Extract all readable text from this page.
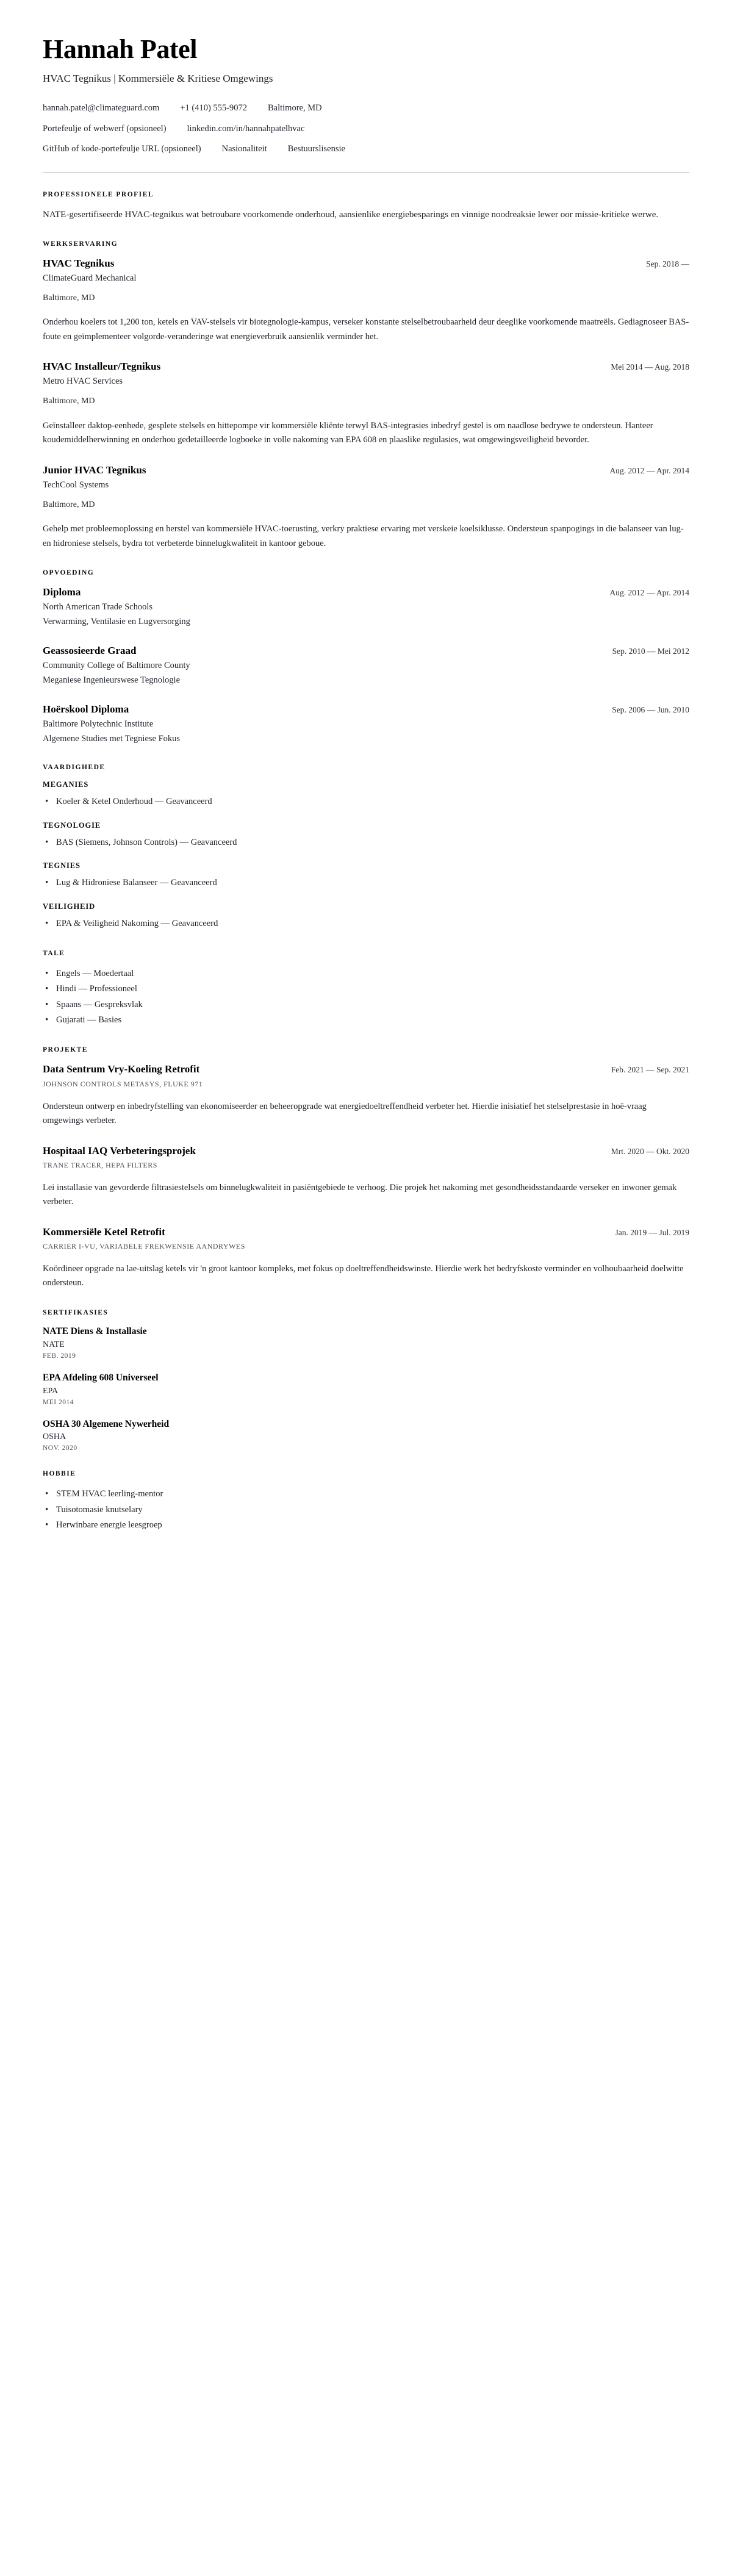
Hannah Patel
HVAC Tegnikus | Kommersiële & Kritiese Omgewings
hannah.patel@climateguard.com +1 (410) 555-9072 Baltimore, MD
Portefeulje of webwerf (opsioneel) linkedin.com/in/hannahpatelhvac
GitHub of kode-portefeulje URL (opsioneel) Nasionaliteit Bestuurslisensie
PROFESSIONELE PROFIEL

NATE-gesertifiseerde HVAC-tegnikus wat betroubare voorkomende onderhoud, aansienlike energiebesparings en vinnige noodreaksie lewer oor missie-kritieke werwe.

WERKSERVARING
HVAC Tegnikus	Sep. 2018 —
ClimateGuard Mechanical
Baltimore, MD

Onderhou koelers tot 1,200 ton, ketels en VAV-stelsels vir biotegnologie-kampus, verseker konstante stelselbetroubaarheid deur deeglike voorkomende maatreëls. Gediagnoseer BAS-foute en geïmplementeer volgorde-veranderinge wat energieverbruik aansienlik verminder het.

HVAC Installeur/Tegnikus	Mei 2014 — Aug. 2018
Metro HVAC Services
Baltimore, MD

Geïnstalleer daktop-eenhede, gesplete stelsels en hittepompe vir kommersiële kliënte terwyl BAS-integrasies inbedryf gestel is om naadlose bedrywe te ondersteun. Hanteer koudemiddelherwinning en onderhou gedetailleerde logboeke in volle nakoming van EPA 608 en plaaslike regulasies, wat omgewingsveiligheid bevorder.

Junior HVAC Tegnikus	Aug. 2012 — Apr. 2014
TechCool Systems
Baltimore, MD

Gehelp met probleemoplossing en herstel van kommersiële HVAC-toerusting, verkry praktiese ervaring met verskeie koelsiklusse. Ondersteun spanpogings in die balanseer van lug- en hidroniese stelsels, bydra tot verbeterde binnelugkwaliteit in kantoor geboue.

OPVOEDING
Diploma	Aug. 2012 — Apr. 2014
North American Trade Schools
Verwarming, Ventilasie en Lugversorging
Geassosieerde Graad	Sep. 2010 — Mei 2012
Community College of Baltimore County
Meganiese Ingenieurswese Tegnologie
Hoërskool Diploma	Sep. 2006 — Jun. 2010
Baltimore Polytechnic Institute
Algemene Studies met Tegniese Fokus
VAARDIGHEDE
MEGANIES
• Koeler & Ketel Onderhoud — Geavanceerd
TEGNOLOGIE
• BAS (Siemens, Johnson Controls) — Geavanceerd
TEGNIES
• Lug & Hidroniese Balanseer — Geavanceerd
VEILIGHEID
• EPA & Veiligheid Nakoming — Geavanceerd
TALE
• Engels — Moedertaal
• Hindi — Professioneel
• Spaans — Gespreksvlak
• Gujarati — Basies
PROJEKTE
Data Sentrum Vry-Koeling Retrofit	Feb. 2021 — Sep. 2021
JOHNSON CONTROLS METASYS, FLUKE 971

Ondersteun ontwerp en inbedryfstelling van ekonomiseerder en beheeropgrade wat energiedoeltreffendheid verbeter het. Hierdie inisiatief het stelselprestasie in hoë-vraag omgewings verbeter.

Hospitaal IAQ Verbeteringsprojek	Mrt. 2020 — Okt. 2020
TRANE TRACER, HEPA FILTERS

Lei installasie van gevorderde filtrasiestelsels om binnelugkwaliteit in pasiëntgebiede te verhoog. Die projek het nakoming met gesondheidsstandaarde verseker en inwoner gemak verbeter.

Kommersiële Ketel Retrofit	Jan. 2019 — Jul. 2019
CARRIER I-VU, VARIABELE FREKWENSIE AANDRYWES

Koördineer opgrade na lae-uitslag ketels vir 'n groot kantoor kompleks, met fokus op doeltreffendheidswinste. Hierdie werk het bedryfskoste verminder en volhoubaarheid doelwitte ondersteun.

SERTIFIKASIES
NATE Diens & Installasie
NATE
FEB. 2019
EPA Afdeling 608 Universeel
EPA
MEI 2014
OSHA 30 Algemene Nywerheid
OSHA
NOV. 2020
HOBBIE
• STEM HVAC leerling-mentor
• Tuisotomasie knutselary
• Herwinbare energie leesgroep
